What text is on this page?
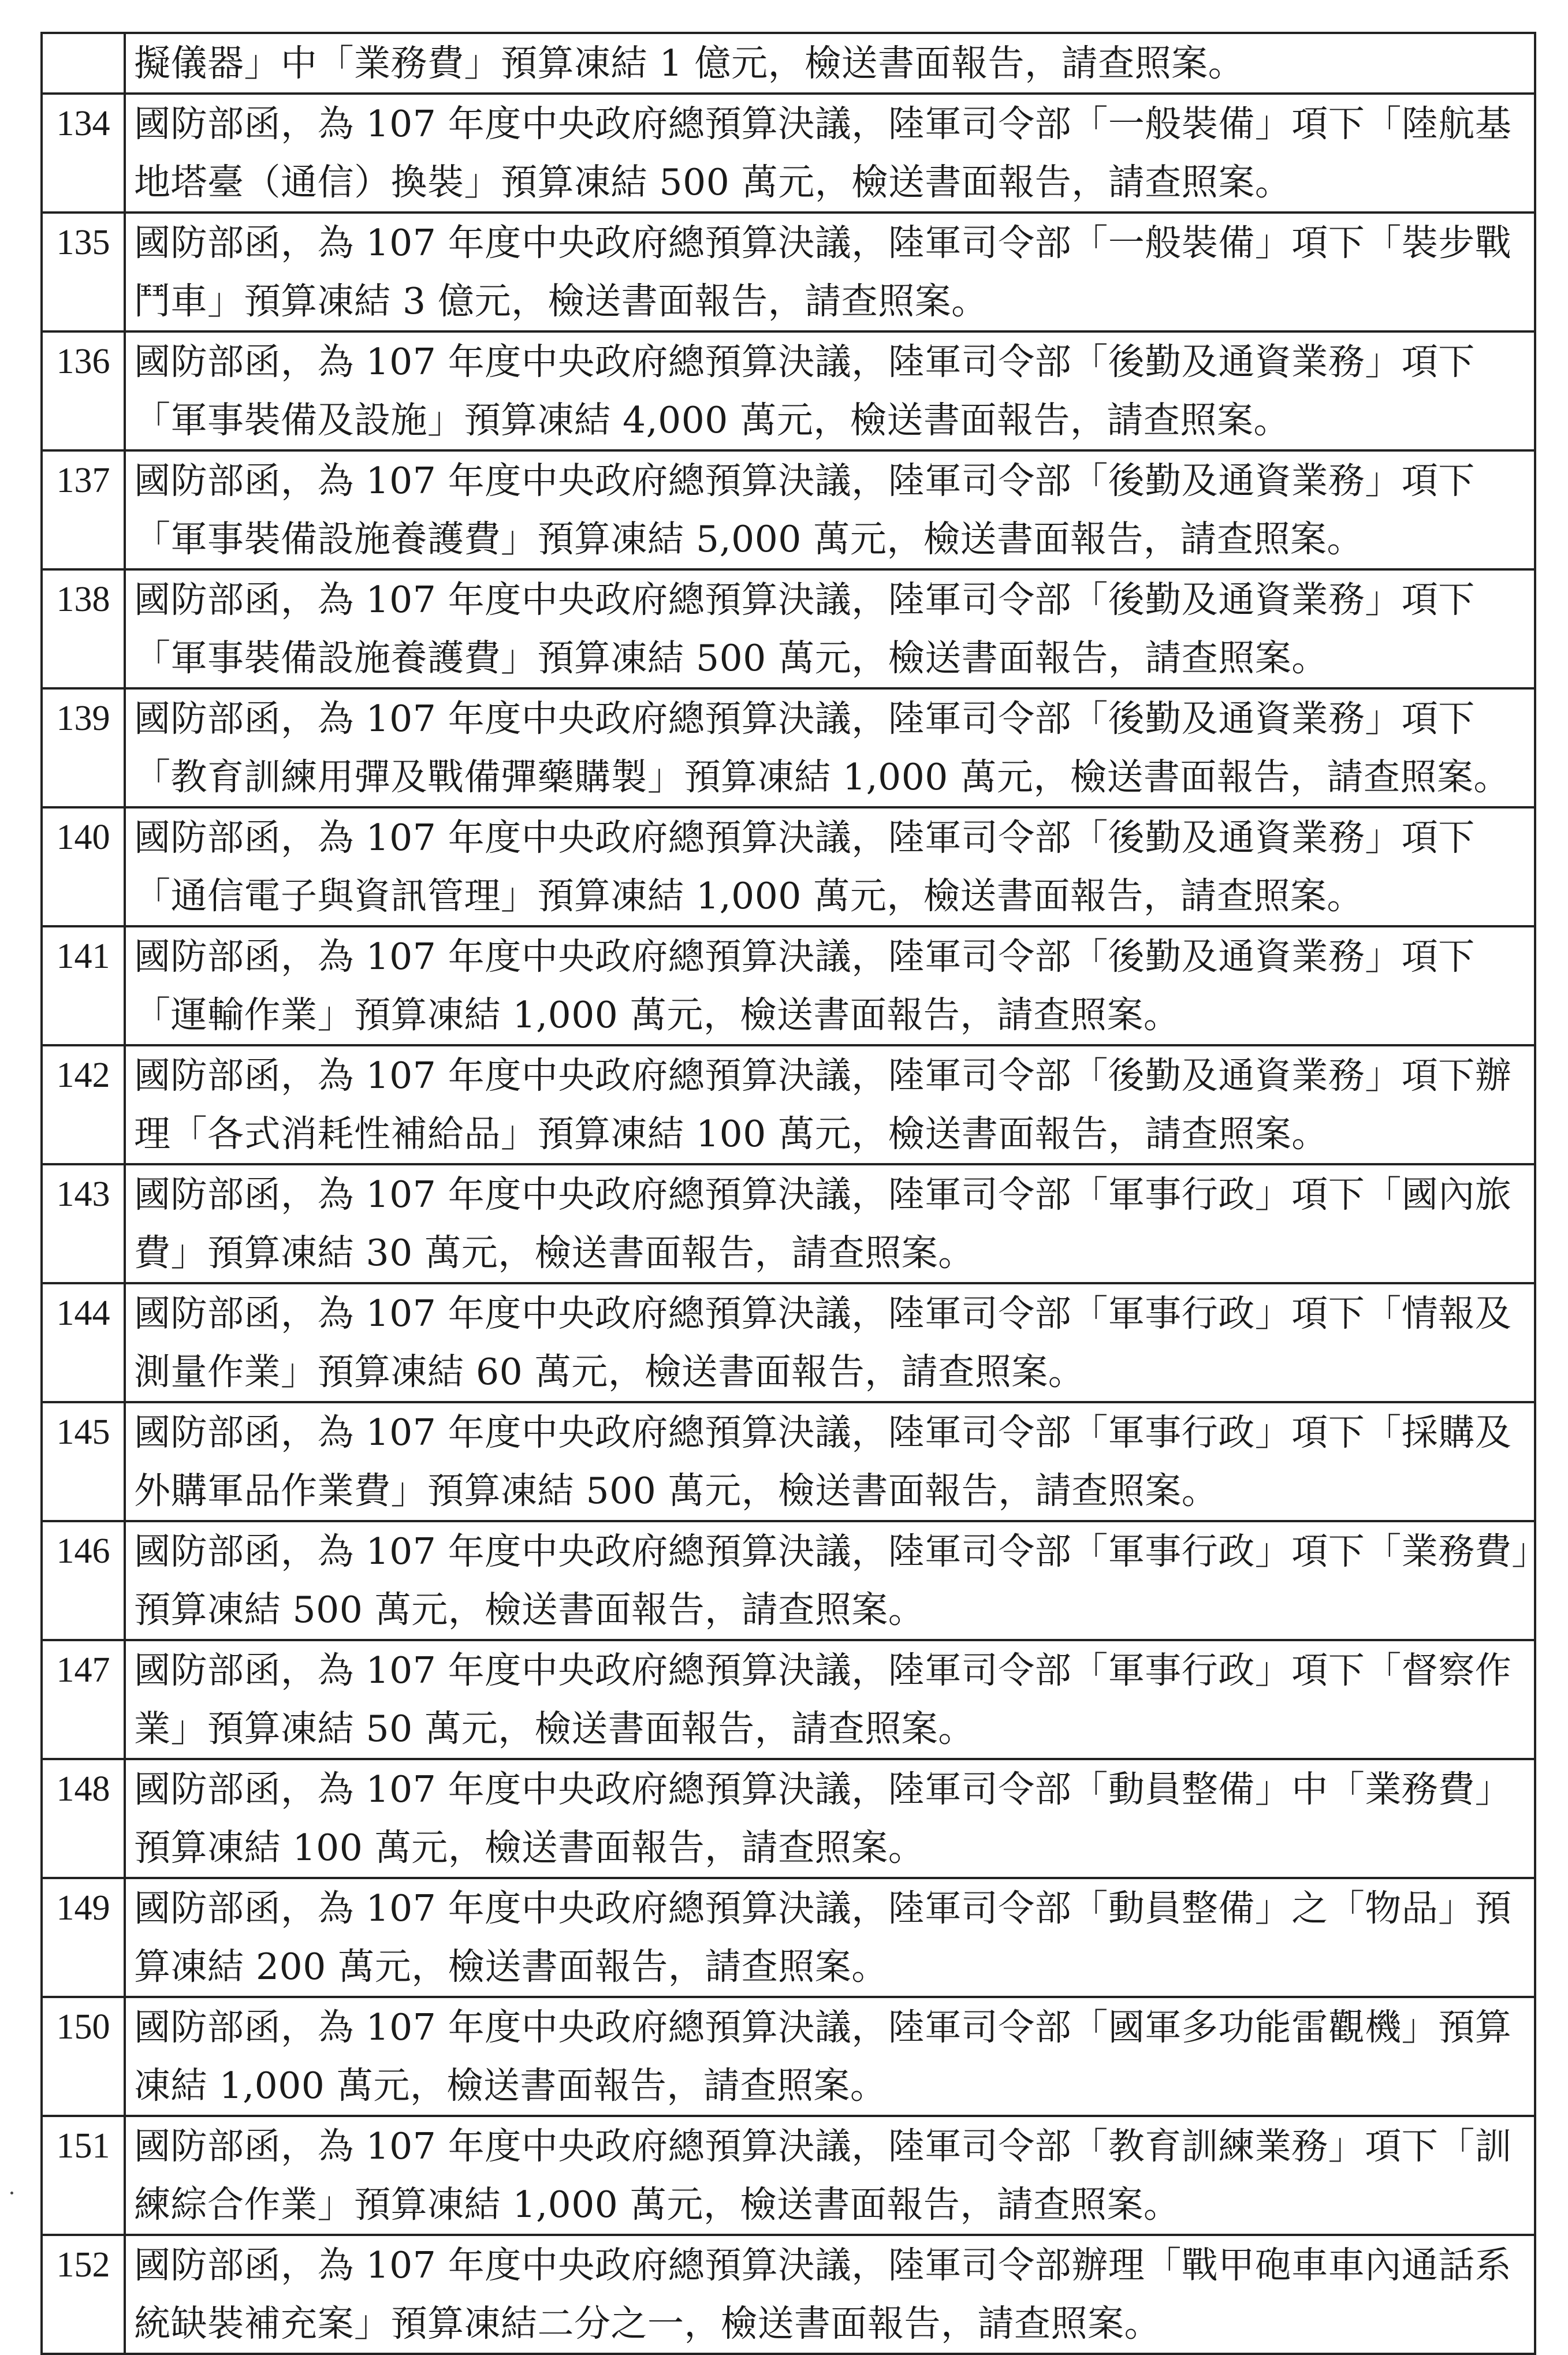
	擬儀器」中「業務費」預算凍結 1 億元，檢送書面報告，請查照案。
134	國防部函，為 107 年度中央政府總預算決議，陸軍司令部「一般裝備」項下「陸航基地塔臺（通信）換裝」預算凍結 500 萬元，檢送書面報告，請查照案。
135	國防部函，為 107 年度中央政府總預算決議，陸軍司令部「一般裝備」項下「裝步戰鬥車」預算凍結 3 億元，檢送書面報告，請查照案。
136	國防部函，為 107 年度中央政府總預算決議，陸軍司令部「後勤及通資業務」項下「軍事裝備及設施」預算凍結 4,000 萬元，檢送書面報告，請查照案。
137	國防部函，為 107 年度中央政府總預算決議，陸軍司令部「後勤及通資業務」項下「軍事裝備設施養護費」預算凍結 5,000 萬元，檢送書面報告，請查照案。
138	國防部函，為 107 年度中央政府總預算決議，陸軍司令部「後勤及通資業務」項下「軍事裝備設施養護費」預算凍結 500 萬元，檢送書面報告，請查照案。
139	國防部函，為 107 年度中央政府總預算決議，陸軍司令部「後勤及通資業務」項下「教育訓練用彈及戰備彈藥購製」預算凍結 1,000 萬元，檢送書面報告，請查照案。
140	國防部函，為 107 年度中央政府總預算決議，陸軍司令部「後勤及通資業務」項下「通信電子與資訊管理」預算凍結 1,000 萬元，檢送書面報告，請查照案。
141	國防部函，為 107 年度中央政府總預算決議，陸軍司令部「後勤及通資業務」項下「運輸作業」預算凍結 1,000 萬元，檢送書面報告，請查照案。
142	國防部函，為 107 年度中央政府總預算決議，陸軍司令部「後勤及通資業務」項下辦理「各式消耗性補給品」預算凍結 100 萬元，檢送書面報告，請查照案。
143	國防部函，為 107 年度中央政府總預算決議，陸軍司令部「軍事行政」項下「國內旅費」預算凍結 30 萬元，檢送書面報告，請查照案。
144	國防部函，為 107 年度中央政府總預算決議，陸軍司令部「軍事行政」項下「情報及測量作業」預算凍結 60 萬元，檢送書面報告，請查照案。
145	國防部函，為 107 年度中央政府總預算決議，陸軍司令部「軍事行政」項下「採購及外購軍品作業費」預算凍結 500 萬元，檢送書面報告，請查照案。
146	國防部函，為 107 年度中央政府總預算決議，陸軍司令部「軍事行政」項下「業務費」預算凍結 500 萬元，檢送書面報告，請查照案。
147	國防部函，為 107 年度中央政府總預算決議，陸軍司令部「軍事行政」項下「督察作業」預算凍結 50 萬元，檢送書面報告，請查照案。
148	國防部函，為 107 年度中央政府總預算決議，陸軍司令部「動員整備」中「業務費」預算凍結 100 萬元，檢送書面報告，請查照案。
149	國防部函，為 107 年度中央政府總預算決議，陸軍司令部「動員整備」之「物品」預算凍結 200 萬元，檢送書面報告，請查照案。
150	國防部函，為 107 年度中央政府總預算決議，陸軍司令部「國軍多功能雷觀機」預算凍結 1,000 萬元，檢送書面報告，請查照案。
151	國防部函，為 107 年度中央政府總預算決議，陸軍司令部「教育訓練業務」項下「訓練綜合作業」預算凍結 1,000 萬元，檢送書面報告，請查照案。
152	國防部函，為 107 年度中央政府總預算決議，陸軍司令部辦理「戰甲砲車車內通話系統缺裝補充案」預算凍結二分之一，檢送書面報告，請查照案。
